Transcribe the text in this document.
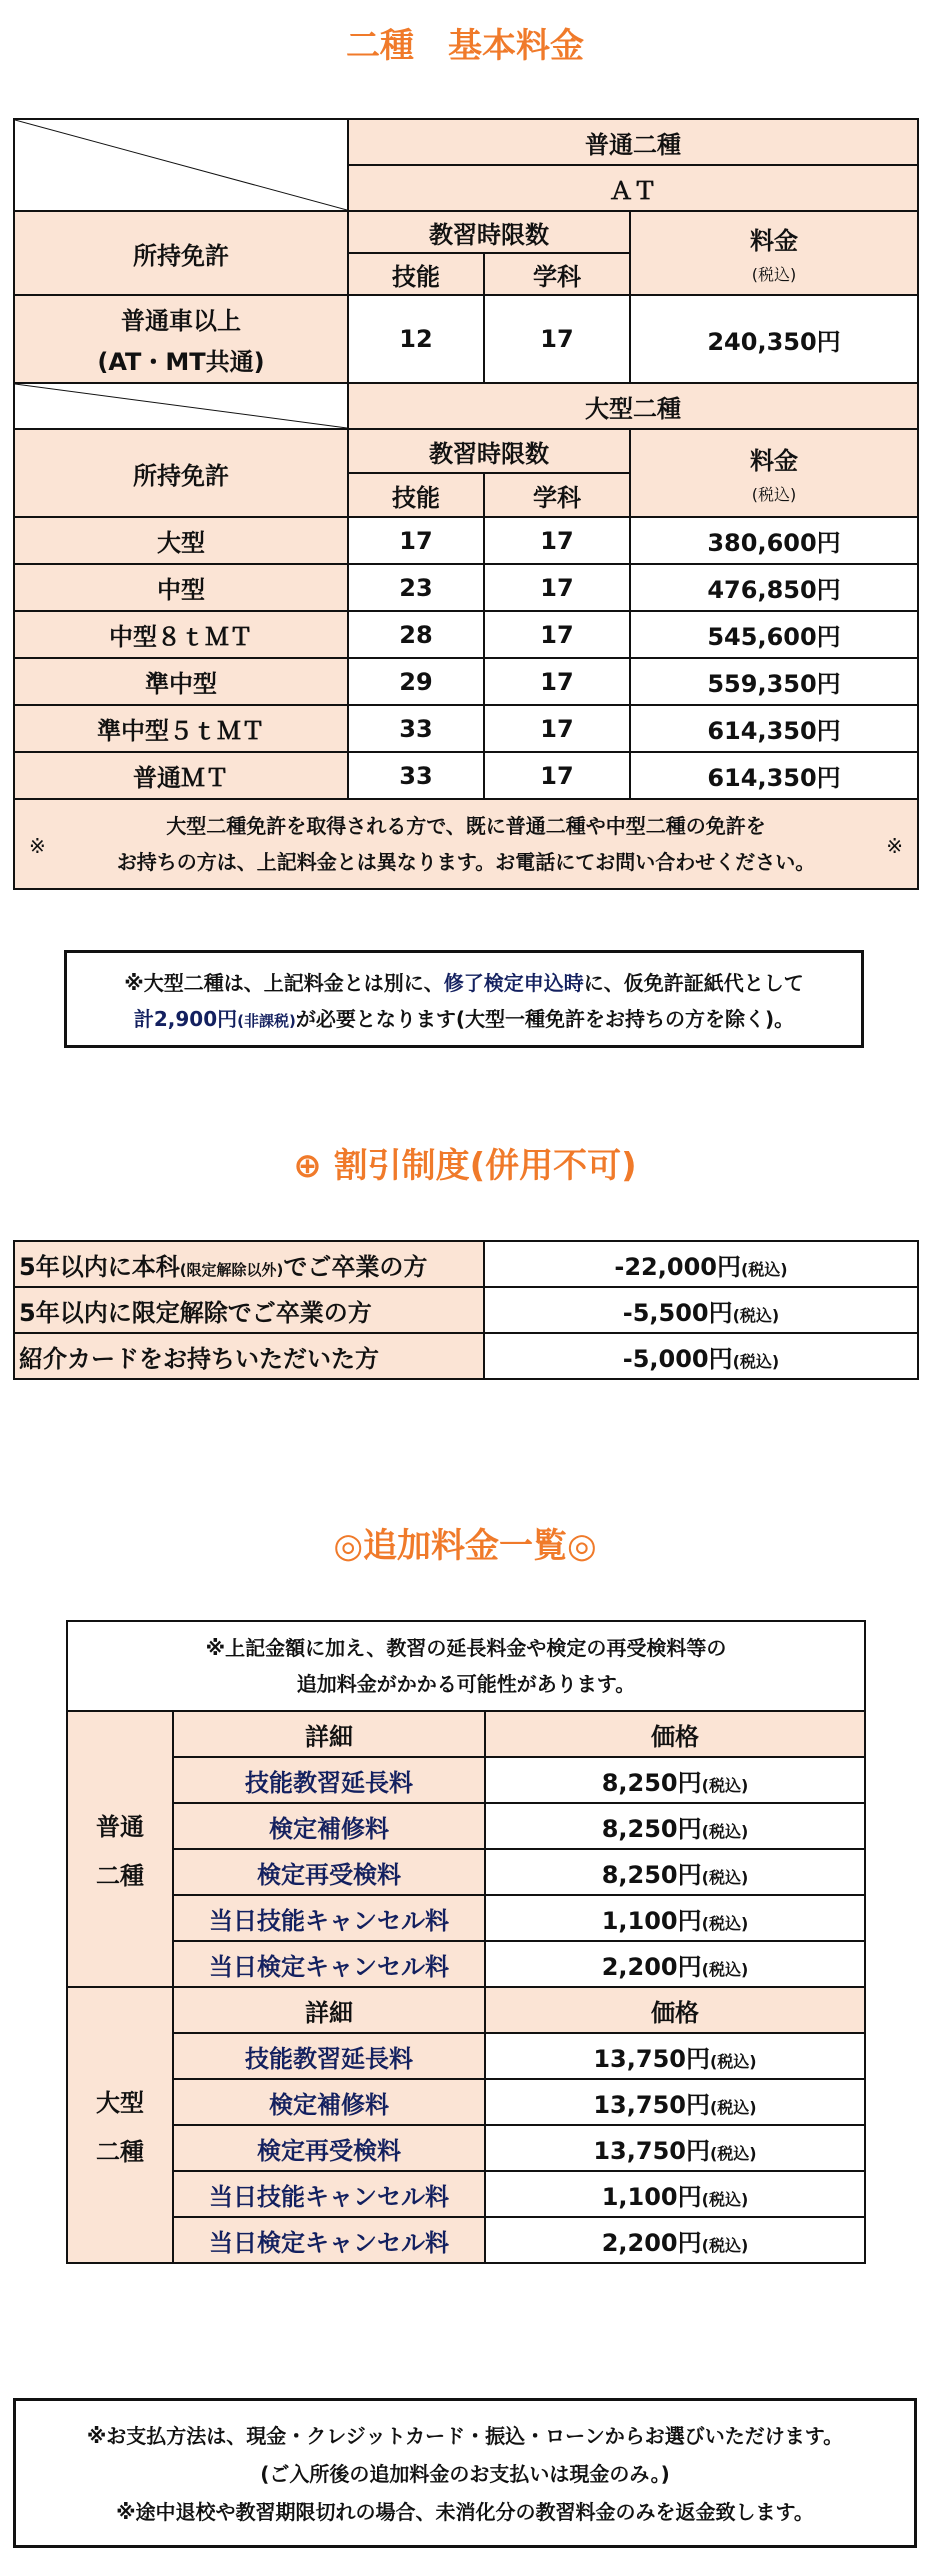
二種　基本料金
	普通二種		
	ＡＴ		
所持免許	教習時限数		料金
(税込)

	技能	学科	

普通車以上
(AT・MT共通)	12	17	240,350円

	大型二種		
所持免許	教習時限数		料金
(税込)

	技能	学科	
大型	17	17	380,600円
中型	23	17	476,850円
中型８ｔＭＴ	28	17	545,600円
準中型	29	17	559,350円
準中型５ｔＭＴ	33	17	614,350円
普通ＭＴ	33	17	614,350円

※
大型二種免許を取得される方で、既に普通二種や中型二種の免許を
お持ちの方は、上記料金とは異なります。お電話にてお問い合わせください。
※			
※大型二種は、上記料金とは別に、修了検定申込時に、仮免許証紙代として
計2,900円(非課税)が必要となります(大型一種免許をお持ちの方を除く)。
⊕ 割引制度(併用不可)
5年以内に本科(限定解除以外)でご卒業の方	-22,000円(税込)
5年以内に限定解除でご卒業の方	-5,500円(税込)
紹介カードをお持ちいただいた方	-5,000円(税込)
◎追加料金一覧◎
※上記金額に加え、教習の延長料金や検定の再受検料等の
追加料金がかかる可能性があります。		

普通
二種	詳細	価格
	技能教習延長料	8,250円(税込)
	検定補修料	8,250円(税込)
	検定再受検料	8,250円(税込)
	当日技能キャンセル料	1,100円(税込)
	当日検定キャンセル料	2,200円(税込)

大型
二種	詳細	価格
	技能教習延長料	13,750円(税込)
	検定補修料	13,750円(税込)
	検定再受検料	13,750円(税込)
	当日技能キャンセル料	1,100円(税込)
	当日検定キャンセル料	2,200円(税込)
※お支払方法は、現金・クレジットカード・振込・ローンからお選びいただけます。
(ご入所後の追加料金のお支払いは現金のみ。)
※途中退校や教習期限切れの場合、未消化分の教習料金のみを返金致します。
